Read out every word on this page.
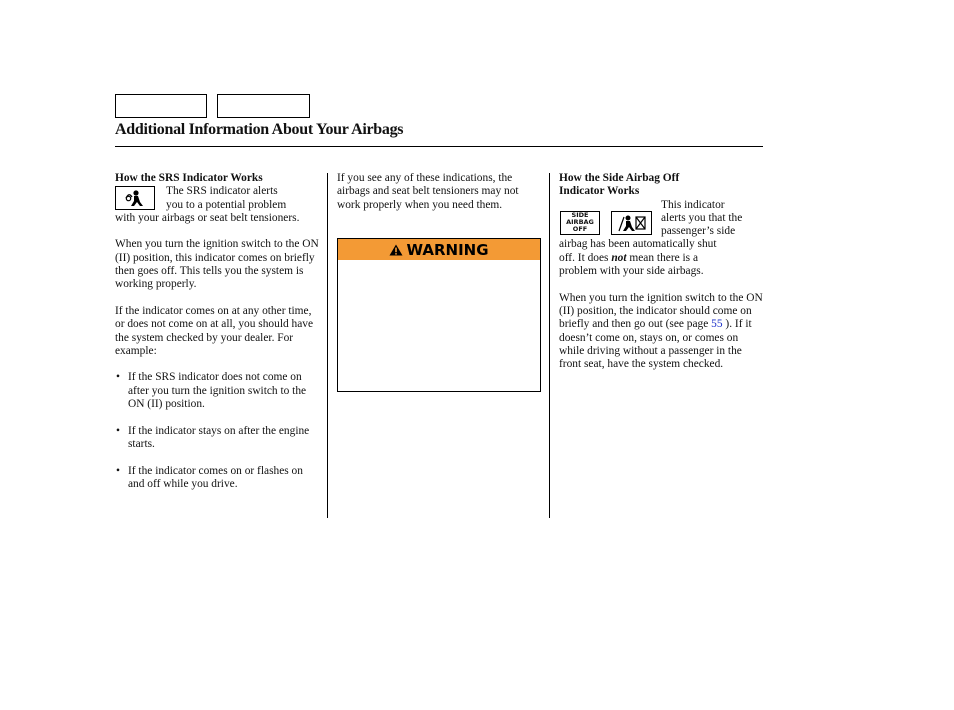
Additional Information About Your Airbags

How the SRS Indicator Works

The SRS indicator alerts

you to a potential problem

with your airbags or seat belt tensioners.

When you turn the ignition switch to the ON (II) position, this indicator comes on briefly then goes off. This tells you the system is working properly.

If the indicator comes on at any other time, or does not come on at all, you should have the system checked by your dealer. For example:

• If the SRS indicator does not come on after you turn the ignition switch to the ON (II) position.

• If the indicator stays on after the engine starts.

• If the indicator comes on or flashes on and off while you drive.

If you see any of these indications, the airbags and seat belt tensioners may not work properly when you need them.

WARNING

How the Side Airbag Off

Indicator Works

SIDE
AIRBAG
OFF

This indicator

alerts you that the

passenger’s side

airbag has been automatically shut

off. It does not mean there is a

problem with your side airbags.

When you turn the ignition switch to the ON (II) position, the indicator should come on briefly and then go out (see page 55 ). If it doesn’t come on, stays on, or comes on while driving without a passenger in the front seat, have the system checked.
